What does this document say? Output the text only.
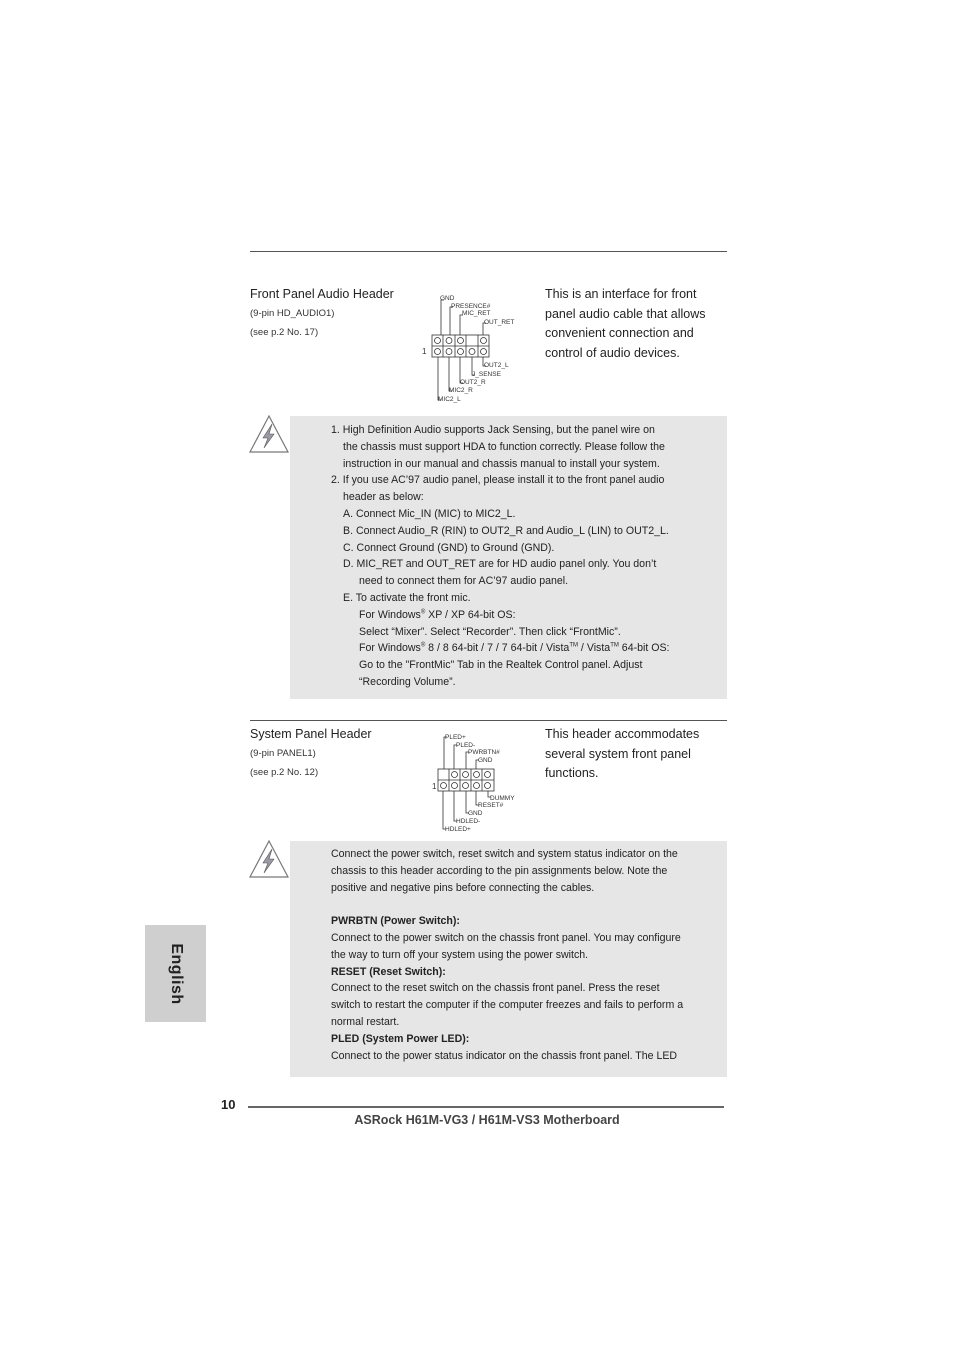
Front Panel Audio Header
(9-pin HD_AUDIO1)
(see p.2 No. 17)
This is an interface for front panel audio cable that allows convenient connection and control of audio devices.
1
GND
PRESENCE#
MIC_RET
OUT_RET
OUT2_L
J_SENSE
OUT2_R
MIC2_R
MIC2_L
1. High Definition Audio supports Jack Sensing, but the panel wire on
the chassis must support HDA to function correctly. Please follow the
instruction in our manual and chassis manual to install your system.
2. If you use AC’97 audio panel, please install it to the front panel audio
header as below:
A. Connect Mic_IN (MIC) to MIC2_L.
B. Connect Audio_R (RIN) to OUT2_R and Audio_L (LIN) to OUT2_L.
C. Connect Ground (GND) to Ground (GND).
D. MIC_RET and OUT_RET are for HD audio panel only. You don’t
need to connect them for AC’97 audio panel.
E. To activate the front mic.
For Windows® XP / XP 64-bit OS:
Select “Mixer”. Select “Recorder”. Then click “FrontMic”.
For Windows® 8 / 8 64-bit / 7 / 7 64-bit / Vista™ / Vista™ 64-bit OS:
Go to the "FrontMic" Tab in the Realtek Control panel. Adjust
“Recording Volume”.
System Panel Header
(9-pin PANEL1)
(see p.2 No. 12)
This header accommodates several system front panel functions.
1
PLED+
PLED-
PWRBTN#
GND
DUMMY
RESET#
GND
HDLED-
HDLED+
Connect the power switch, reset switch and system status indicator on the
chassis to this header according to the pin assignments below. Note the
positive and negative pins before connecting the cables.
PWRBTN (Power Switch):
Connect to the power switch on the chassis front panel. You may configure
the way to turn off your system using the power switch.
RESET (Reset Switch):
Connect to the reset switch on the chassis front panel. Press the reset
switch to restart the computer if the computer freezes and fails to perform a
normal restart.
PLED (System Power LED):
Connect to the power status indicator on the chassis front panel. The LED
English
10
ASRock H61M-VG3 / H61M-VS3 Motherboard
